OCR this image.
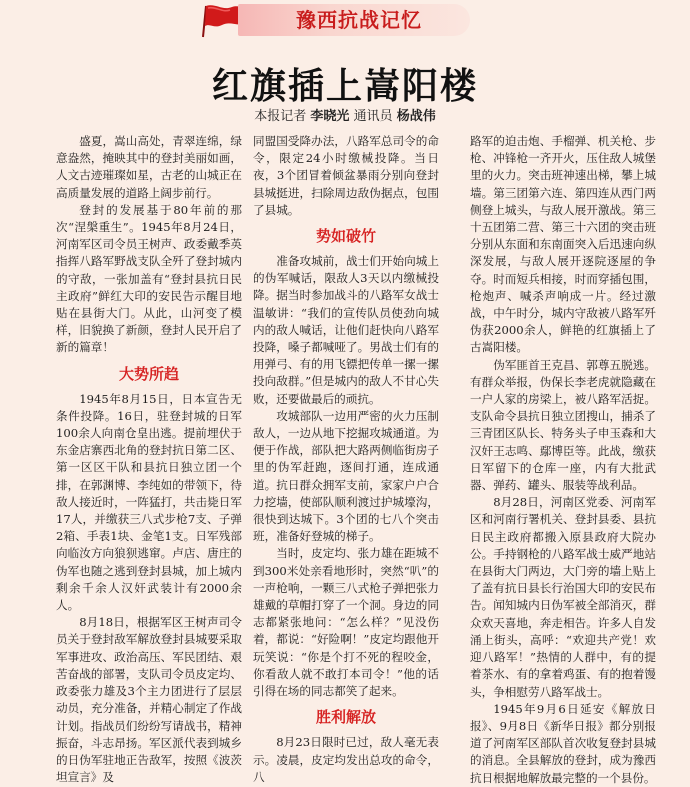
豫西抗战记忆
红旗插上嵩阳楼
本报记者 李晓光 通讯员 杨战伟

盛夏，嵩山高处，青翠连绵，绿意盎然，掩映其中的登封美丽如画，人文古迹璀璨如星，古老的山城正在高质量发展的道路上阔步前行。

登封的发展基于80年前的那次“涅槃重生”。1945年8月24日，河南军区司令员王树声、政委戴季英指挥八路军野战支队全歼了登封城内的守敌，一张加盖有“登封县抗日民主政府”鲜红大印的安民告示醒目地贴在县街大门。从此，山河变了模样，旧貌换了新颜，登封人民开启了新的篇章！

大势所趋

1945年8月15日，日本宣告无条件投降。16日，驻登封城的日军100余人向南仓皇出逃。提前埋伏于东金店寨西北角的登封抗日第二区、第一区区干队和县抗日独立团一个排，在郭渊博、李纯如的带领下，待敌人接近时，一阵猛打，共击毙日军17人，并缴获三八式步枪7支、子弹2箱、手表1块、金笔1支。日军残部向临汝方向狼狈逃窜。卢店、唐庄的伪军也随之逃到登封县城，加上城内剩余千余人汉奸武装计有2000余人。

8月18日，根据军区王树声司令员关于登封敌军解放登封县城要采取军事进攻、政治高压、军民团结、艰苦奋战的部署，支队司令员皮定均、政委张力雄及3个主力团进行了层层动员，充分准备，并精心制定了作战计划。指战员们纷纷写请战书，精神振奋，斗志昂扬。军区派代表到城乡的日伪军驻地正告敌军，按照《波茨坦宣言》及

同盟国受降办法，八路军总司令的命令，限定24小时缴械投降。当日夜，3个团冒着倾盆暴雨分别向登封县城挺进，扫除周边敌伪据点，包围了县城。

势如破竹

准备攻城前，战士们开始向城上的伪军喊话，限敌人3天以内缴械投降。据当时参加战斗的八路军女战士温敏讲：“我们的宣传队员使劲向城内的敌人喊话，让他们赶快向八路军投降，嗓子都喊哑了。男战士们有的用弹弓、有的用飞镖把传单一摞一摞投向敌群。”但是城内的敌人不甘心失败，还要做最后的顽抗。

攻城部队一边用严密的火力压制敌人，一边从地下挖掘攻城通道。为便于作战，部队把大路两侧临街房子里的伪军赶跑，逐间打通，连成通道。抗日群众拥军支前，家家户户合力挖墙，使部队顺利渡过护城壕沟，很快到达城下。3个团的七八个突击班，准备好登城的梯子。

当时，皮定均、张力雄在距城不到300米处亲看地形时，突然“叭”的一声枪响，一颗三八式枪子弹把张力雄戴的草帽打穿了一个洞。身边的同志都紧张地问：“怎么样？”见没伤着，都说：“好险啊！”皮定均跟他开玩笑说：“你是个打不死的程咬金，你看敌人就不敢打本司令！”他的话引得在场的同志都笑了起来。

胜利解放

8月23日限时已过，敌人毫无表示。凌晨，皮定均发出总攻的命令，八

路军的迫击炮、手榴弹、机关枪、步枪、冲锋枪一齐开火，压住敌人城堡里的火力。突击班神速出梯，攀上城墙。第三团第六连、第四连从西门两侧登上城头，与敌人展开激战。第三十五团第二营、第三十六团的突击班分别从东面和东南面突入后迅速向纵深发展，与敌人展开逐院逐屋的争夺。时而短兵相接，时而穿插包围，枪炮声、喊杀声响成一片。经过激战，中午时分，城内守敌被八路军歼伪获2000余人，鲜艳的红旗插上了古嵩阳楼。

伪军匪首王克昌、郭尊五脱逃。有群众举报，伪保长李老虎就隐藏在一户人家的房梁上，被八路军活捉。支队命令县抗日独立团搜山，捕杀了三青团区队长、特务头子申玉森和大汉奸王志鸣、鄢博臣等。此战，缴获日军留下的仓库一座，内有大批武器、弹药、罐头、服装等战利品。

8月28日，河南区党委、河南军区和河南行署机关、登封县委、县抗日民主政府都搬入原县政府大院办公。手持钢枪的八路军战士威严地站在县街大门两边，大门旁的墙上贴上了盖有抗日县长行治国大印的安民布告。闻知城内日伪军被全部消灭，群众欢天喜地，奔走相告。许多人自发涌上街头，高呼：“欢迎共产党！欢迎八路军！”热情的人群中，有的提着茶水、有的拿着鸡蛋、有的抱着馒头，争相慰劳八路军战士。

1945年9月6日延安《解放日报》、9月8日《新华日报》都分别报道了河南军区部队首次收复登封县城的消息。全县解放的登封，成为豫西抗日根据地解放最完整的一个县份。
